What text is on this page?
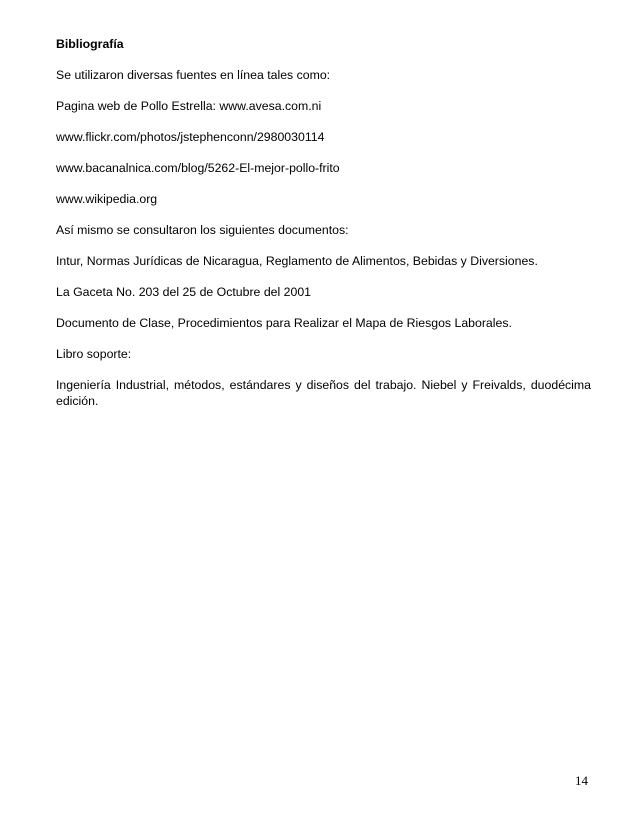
Bibliografía

Se utilizaron diversas fuentes en línea tales como:

Pagina web de Pollo Estrella: www.avesa.com.ni

www.flickr.com/photos/jstephenconn/2980030114

www.bacanalnica.com/blog/5262-El-mejor-pollo-frito

www.wikipedia.org

Así mismo se consultaron los siguientes documentos:

Intur, Normas Jurídicas de Nicaragua, Reglamento de Alimentos, Bebidas y Diversiones.

La Gaceta No. 203 del 25 de Octubre del 2001

Documento de Clase, Procedimientos para Realizar el Mapa de Riesgos Laborales.

Libro soporte:

Ingeniería Industrial, métodos, estándares y diseños del trabajo. Niebel y Freivalds, duodécima edición.

14
